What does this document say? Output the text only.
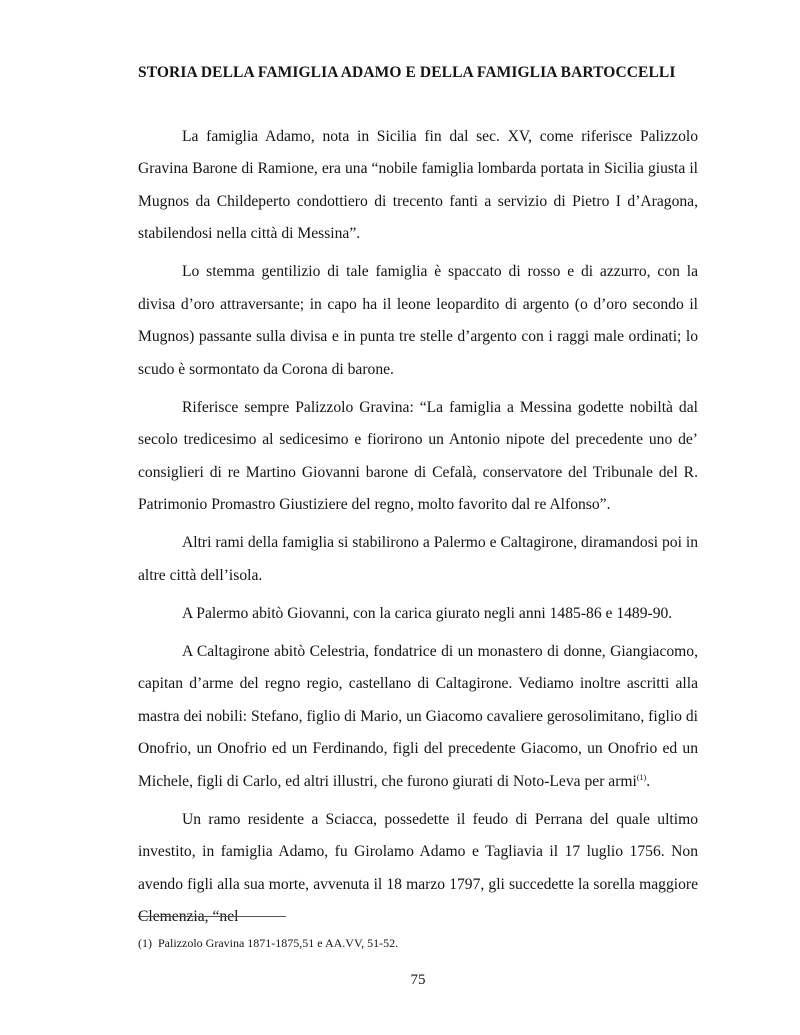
STORIA DELLA FAMIGLIA ADAMO E DELLA FAMIGLIA BARTOCCELLI

La famiglia Adamo, nota in Sicilia fin dal sec. XV, come riferisce Palizzolo Gravina Barone di Ramione, era una “nobile famiglia lombarda portata in Sicilia giusta il Mugnos da Childeperto condottiero di trecento fanti a servizio di Pietro I d’Aragona, stabilendosi nella città di Messina”.

Lo stemma gentilizio di tale famiglia è spaccato di rosso e di azzurro, con la divisa d’oro attraversante; in capo ha il leone leopardito di argento (o d’oro secondo il Mugnos) passante sulla divisa e in punta tre stelle d’argento con i raggi male ordinati; lo scudo è sormontato da Corona di barone.

Riferisce sempre Palizzolo Gravina: “La famiglia a Messina godette nobiltà dal secolo tredicesimo al sedicesimo e fiorirono un Antonio nipote del precedente uno de’ consiglieri di re Martino Giovanni barone di Cefalà, conservatore del Tribunale del R. Patrimonio Promastro Giustiziere del regno, molto favorito dal re Alfonso”.

Altri rami della famiglia si stabilirono a Palermo e Caltagirone, diramandosi poi in altre città dell’isola.

A Palermo abitò Giovanni, con la carica giurato negli anni 1485-86 e 1489-90.

A Caltagirone abitò Celestria, fondatrice di un monastero di donne, Giangiacomo, capitan d’arme del regno regio, castellano di Caltagirone. Vediamo inoltre ascritti alla mastra dei nobili: Stefano, figlio di Mario, un Giacomo cavaliere gerosolimitano, figlio di Onofrio, un Onofrio ed un Ferdinando, figli del precedente Giacomo, un Onofrio ed un Michele, figli di Carlo, ed altri illustri, che furono giurati di Noto-Leva per armi$^{(1)}$.

Un ramo residente a Sciacca, possedette il feudo di Perrana del quale ultimo investito, in famiglia Adamo, fu Girolamo Adamo e Tagliavia il 17 luglio 1756. Non avendo figli alla sua morte, avvenuta il 18 marzo 1797, gli succedette la sorella maggiore Clemenzia, “nel

(1) Palizzolo Gravina 1871-1875,51 e AA.VV, 51-52.
75
